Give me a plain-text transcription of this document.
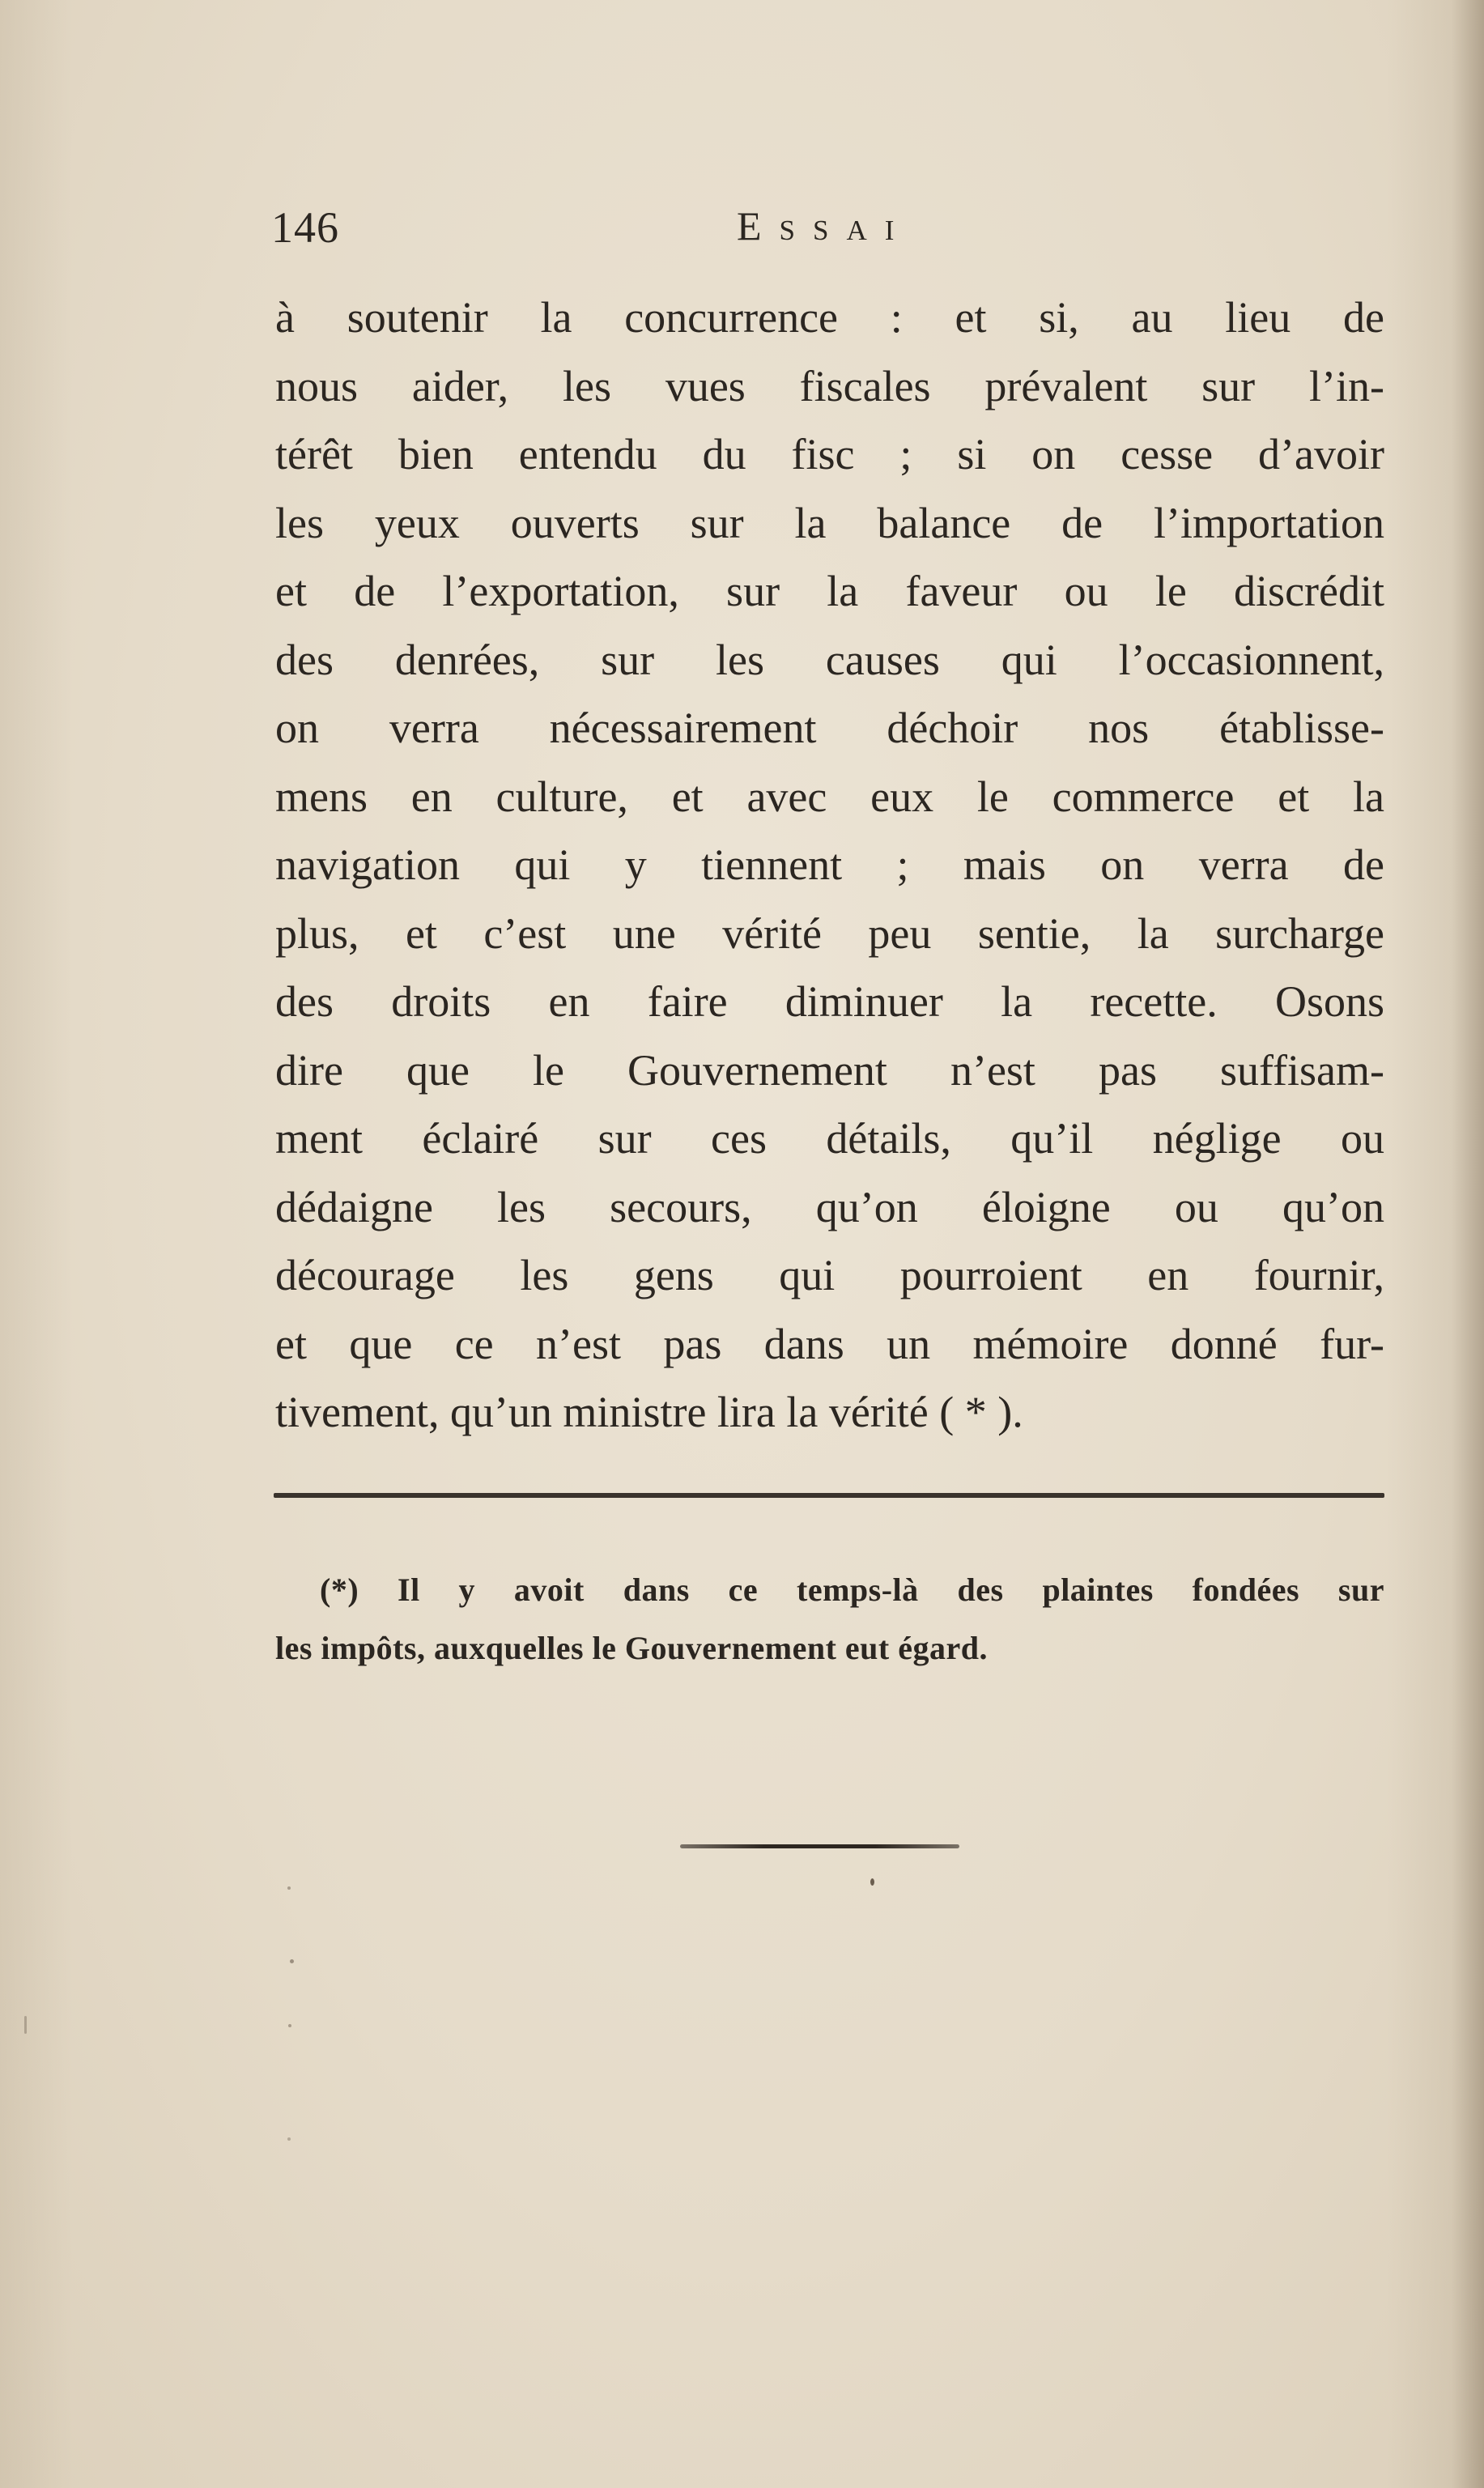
146	Essai
à soutenir la concurrence : et si, au lieu de
nous aider, les vues fiscales prévalent sur l’in-
térêt bien entendu du fisc ; si on cesse d’avoir
les yeux ouverts sur la balance de l’importation
et de l’exportation, sur la faveur ou le discrédit
des denrées, sur les causes qui l’occasionnent,
on verra nécessairement déchoir nos établisse-
mens en culture, et avec eux le commerce et la
navigation qui y tiennent ; mais on verra de
plus, et c’est une vérité peu sentie, la surcharge
des droits en faire diminuer la recette. Osons
dire que le Gouvernement n’est pas suffisam-
ment éclairé sur ces détails, qu’il néglige ou
dédaigne les secours, qu’on éloigne ou qu’on
décourage les gens qui pourroient en fournir,
et que ce n’est pas dans un mémoire donné fur-
tivement, qu’un ministre lira la vérité ( * ).
(*) Il y avoit dans ce temps-là des plaintes fondées sur
les impôts, auxquelles le Gouvernement eut égard.
